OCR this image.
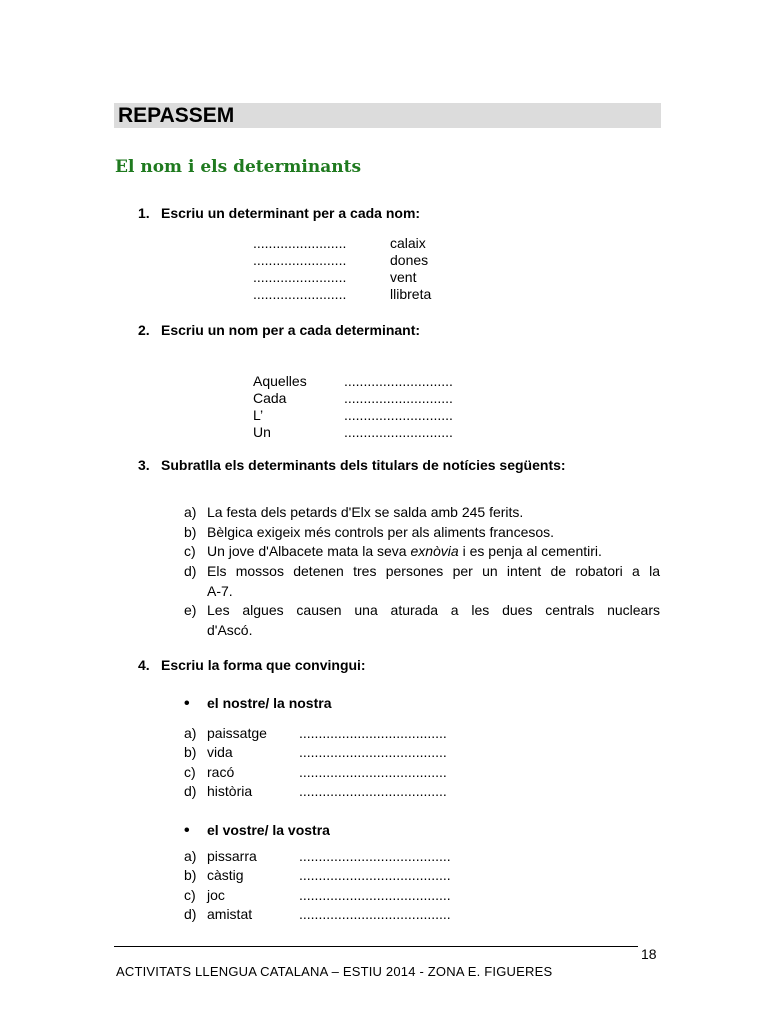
REPASSEM
El nom i els determinants
1. Escriu un determinant per a cada nom:
........................	calaix
........................	dones
........................	vent
........................	llibreta
2. Escriu un nom per a cada determinant:
Aquelles	............................
Cada	............................
L’	............................
Un	............................
3. Subratlla els determinants dels titulars de notícies següents:
a) La festa dels petards d'Elx se salda amb 245 ferits.
b) Bèlgica exigeix més controls per als aliments francesos.
c) Un jove d'Albacete mata la seva exnòvia i es penja al cementiri.
d) Els mossos detenen tres persones per un intent de robatori a la
A-7.
e) Les algues causen una aturada a les dues centrals nuclears
d'Ascó.
4. Escriu la forma que convingui:
• el nostre/ la nostra
a) paissatge ......................................
b) vida	......................................
c) racó	......................................
d) història	......................................
• el vostre/ la vostra
a) pissarra	.......................................
b) càstig	.......................................
c) joc	.......................................
d) amistat	.......................................
18
ACTIVITATS LLENGUA CATALANA – ESTIU 2014 - ZONA E. FIGUERES
